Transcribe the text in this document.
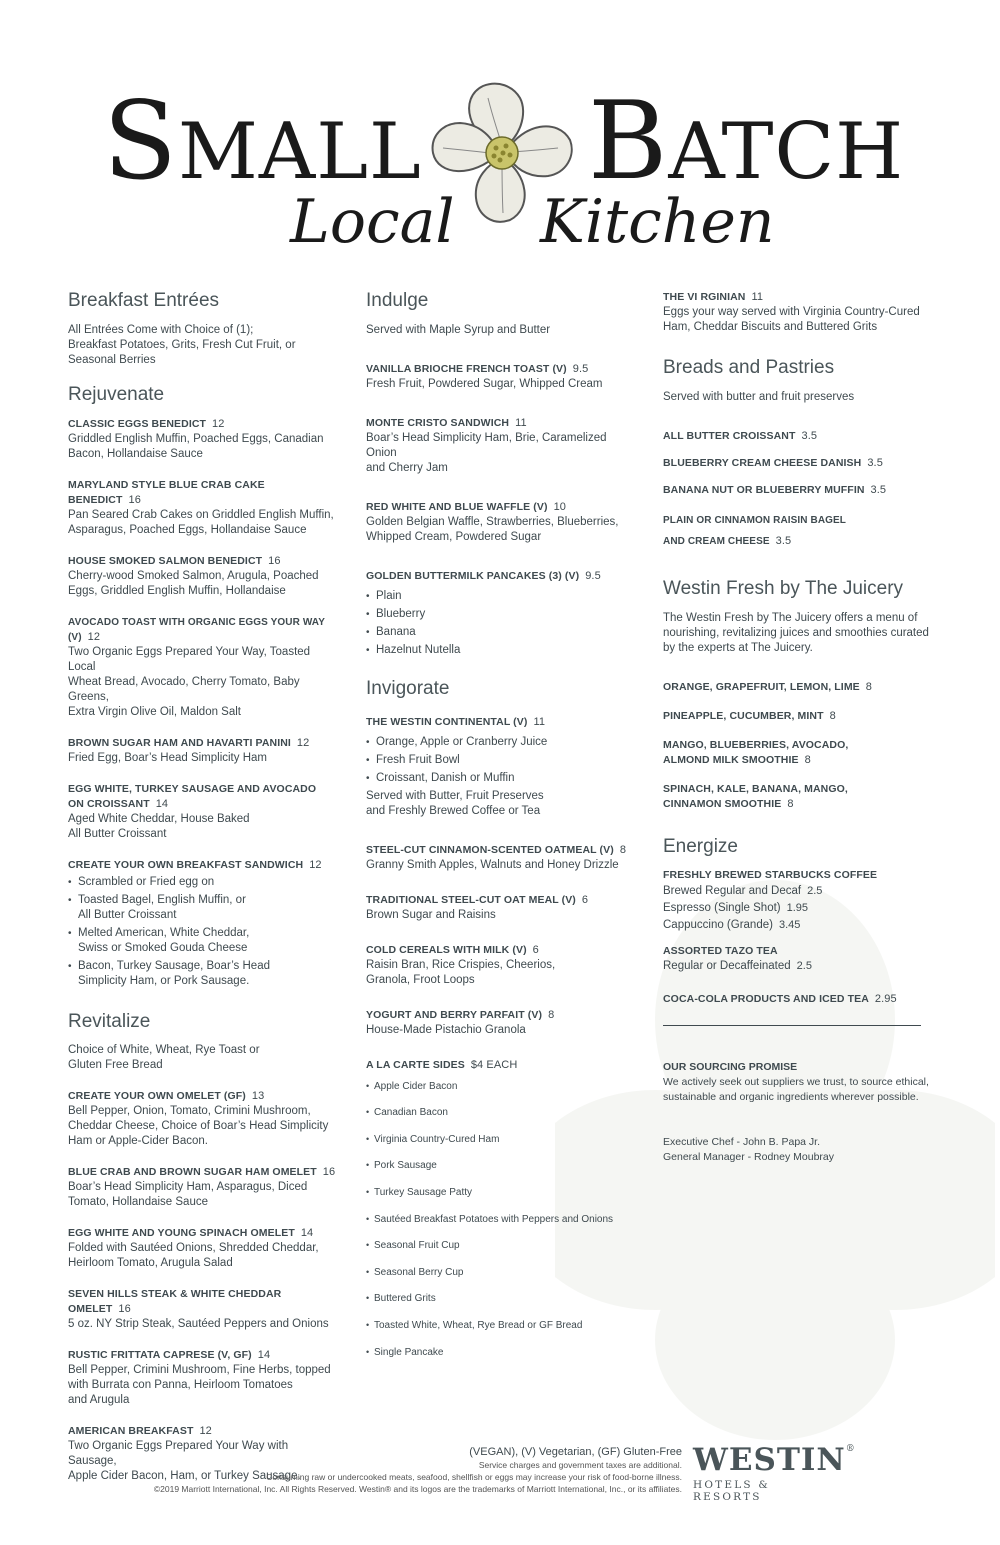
SMALL BATCH
Local Kitchen
Breakfast Entrées
All Entrées Come with Choice of (1);
Breakfast Potatoes, Grits, Fresh Cut Fruit, or
Seasonal Berries
Rejuvenate
CLASSIC EGGS BENEDICT 12
Griddled English Muffin, Poached Eggs, Canadian
Bacon, Hollandaise Sauce
MARYLAND STYLE BLUE CRAB CAKE BENEDICT 16
Pan Seared Crab Cakes on Griddled English Muffin,
Asparagus, Poached Eggs, Hollandaise Sauce
HOUSE SMOKED SALMON BENEDICT 16
Cherry-wood Smoked Salmon, Arugula, Poached
Eggs, Griddled English Muffin, Hollandaise
AVOCADO TOAST WITH ORGANIC EGGS YOUR WAY (V) 12
Two Organic Eggs Prepared Your Way, Toasted Local
Wheat Bread, Avocado, Cherry Tomato, Baby Greens,
Extra Virgin Olive Oil, Maldon Salt
BROWN SUGAR HAM AND HAVARTI PANINI 12
Fried Egg, Boar’s Head Simplicity Ham
EGG WHITE, TURKEY SAUSAGE AND AVOCADO ON CROISSANT 14
Aged White Cheddar, House Baked
All Butter Croissant
CREATE YOUR OWN BREAKFAST SANDWICH 12
• Scrambled or Fried egg on
• Toasted Bagel, English Muffin, or
All Butter Croissant
• Melted American, White Cheddar,
Swiss or Smoked Gouda Cheese
• Bacon, Turkey Sausage, Boar’s Head
Simplicity Ham, or Pork Sausage.
Revitalize
Choice of White, Wheat, Rye Toast or
Gluten Free Bread
CREATE YOUR OWN OMELET (GF) 13
Bell Pepper, Onion, Tomato, Crimini Mushroom,
Cheddar Cheese, Choice of Boar’s Head Simplicity
Ham or Apple-Cider Bacon.
BLUE CRAB AND BROWN SUGAR HAM OMELET 16
Boar’s Head Simplicity Ham, Asparagus, Diced
Tomato, Hollandaise Sauce
EGG WHITE AND YOUNG SPINACH OMELET 14
Folded with Sautéed Onions, Shredded Cheddar,
Heirloom Tomato, Arugula Salad
SEVEN HILLS STEAK & WHITE CHEDDAR OMELET 16
5 oz. NY Strip Steak, Sautéed Peppers and Onions
RUSTIC FRITTATA CAPRESE (V, GF) 14
Bell Pepper, Crimini Mushroom, Fine Herbs, topped
with Burrata con Panna, Heirloom Tomatoes
and Arugula
AMERICAN BREAKFAST 12
Two Organic Eggs Prepared Your Way with Sausage,
Apple Cider Bacon, Ham, or Turkey Sausage.
Indulge
Served with Maple Syrup and Butter
VANILLA BRIOCHE FRENCH TOAST (V) 9.5
Fresh Fruit, Powdered Sugar, Whipped Cream
MONTE CRISTO SANDWICH 11
Boar’s Head Simplicity Ham, Brie, Caramelized Onion
and Cherry Jam
RED WHITE AND BLUE WAFFLE (V) 10
Golden Belgian Waffle, Strawberries, Blueberries,
Whipped Cream, Powdered Sugar
GOLDEN BUTTERMILK PANCAKES (3) (V) 9.5
• Plain
• Blueberry
• Banana
• Hazelnut Nutella
Invigorate
THE WESTIN CONTINENTAL (V) 11
• Orange, Apple or Cranberry Juice
• Fresh Fruit Bowl
• Croissant, Danish or Muffin
Served with Butter, Fruit Preserves
and Freshly Brewed Coffee or Tea
STEEL-CUT CINNAMON-SCENTED OATMEAL (V) 8
Granny Smith Apples, Walnuts and Honey Drizzle
TRADITIONAL STEEL-CUT OAT MEAL (V) 6
Brown Sugar and Raisins
COLD CEREALS WITH MILK (V) 6
Raisin Bran, Rice Crispies, Cheerios,
Granola, Froot Loops
YOGURT AND BERRY PARFAIT (V) 8
House-Made Pistachio Granola
A LA CARTE SIDES $4 EACH
• Apple Cider Bacon
• Canadian Bacon
• Virginia Country-Cured Ham
• Pork Sausage
• Turkey Sausage Patty
• Sautéed Breakfast Potatoes with Peppers and Onions
• Seasonal Fruit Cup
• Seasonal Berry Cup
• Buttered Grits
• Toasted White, Wheat, Rye Bread or GF Bread
• Single Pancake
THE VI RGINIAN 11
Eggs your way served with Virginia Country-Cured
Ham, Cheddar Biscuits and Buttered Grits
Breads and Pastries
Served with butter and fruit preserves
ALL BUTTER CROISSANT 3.5
BLUEBERRY CREAM CHEESE DANISH 3.5
BANANA NUT OR BLUEBERRY MUFFIN 3.5
PLAIN OR CINNAMON RAISIN BAGEL
AND CREAM CHEESE 3.5
Westin Fresh by The Juicery
The Westin Fresh by The Juicery offers a menu of
nourishing, revitalizing juices and smoothies curated
by the experts at The Juicery.
ORANGE, GRAPEFRUIT, LEMON, LIME 8
PINEAPPLE, CUCUMBER, MINT 8
MANGO, BLUEBERRIES, AVOCADO,
ALMOND MILK SMOOTHIE 8
SPINACH, KALE, BANANA, MANGO,
CINNAMON SMOOTHIE 8
Energize
FRESHLY BREWED STARBUCKS COFFEE
Brewed Regular and Decaf 2.5
Espresso (Single Shot) 1.95
Cappuccino (Grande) 3.45
ASSORTED TAZO TEA
Regular or Decaffeinated 2.5
COCA-COLA PRODUCTS AND ICED TEA 2.95
OUR SOURCING PROMISE
We actively seek out suppliers we trust, to source ethical,
sustainable and organic ingredients wherever possible.
Executive Chef - John B. Papa Jr.
General Manager - Rodney Moubray
(VEGAN), (V) Vegetarian, (GF) Gluten-Free
Service charges and government taxes are additional.
Consuming raw or undercooked meats, seafood, shellfish or eggs may increase your risk of food-borne illness.
©2019 Marriott International, Inc. All Rights Reserved. Westin® and its logos are the trademarks of Marriott International, Inc., or its affiliates.
WESTIN®
HOTELS & RESORTS
